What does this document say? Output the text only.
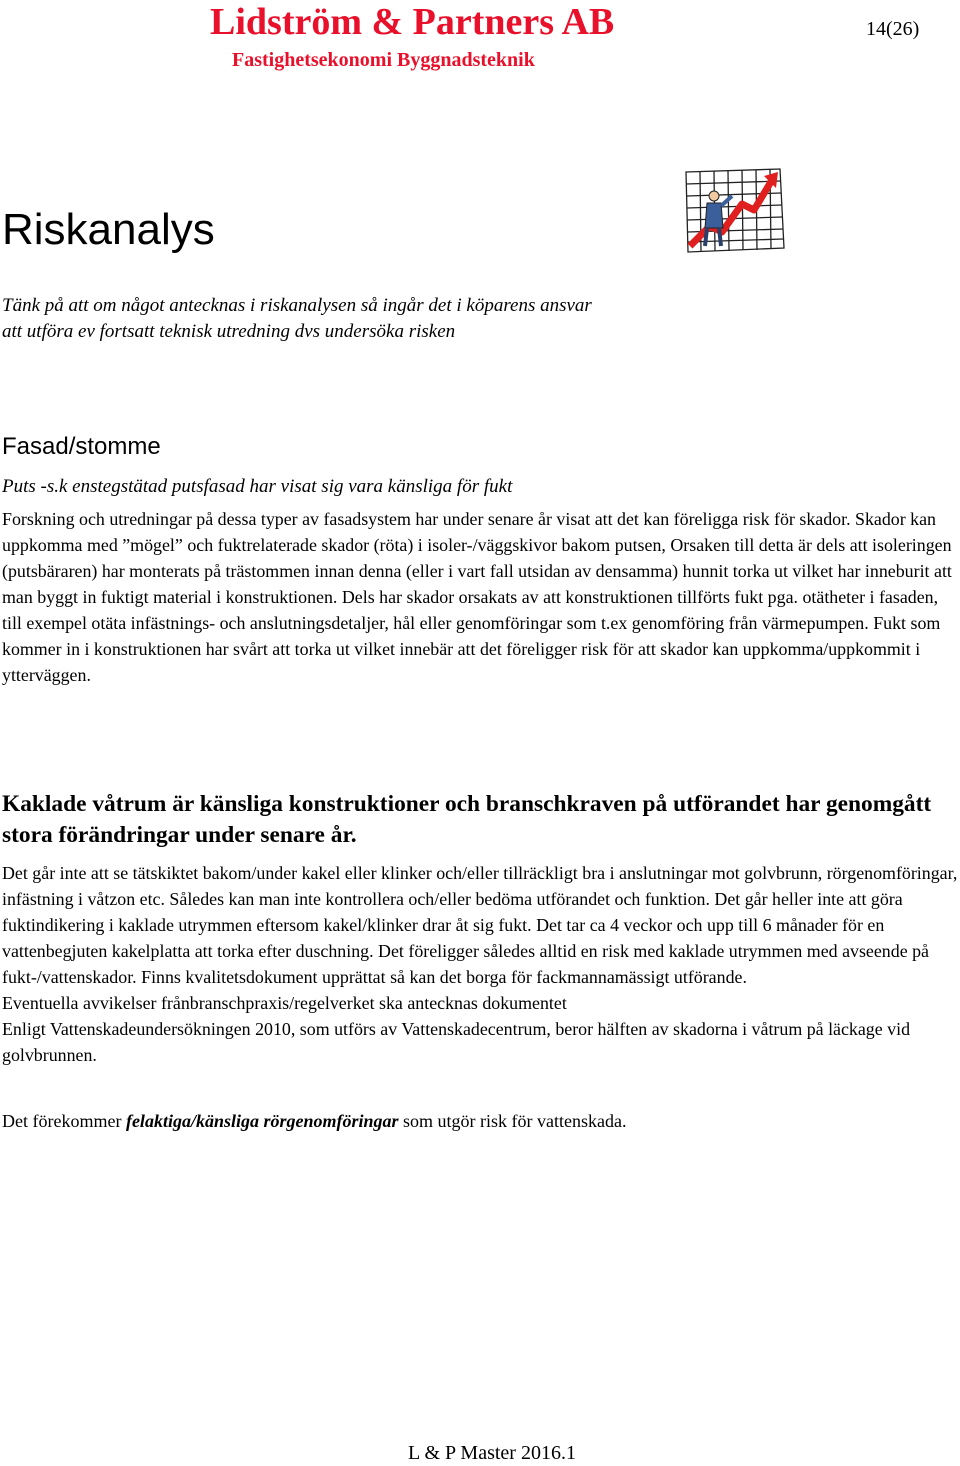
Lidström & Partners AB
Fastighetsekonomi Byggnadsteknik
14(26)
Riskanalys

Tänk på att om något antecknas i riskanalysen så ingår det i köparens ansvar att utföra ev fortsatt teknisk utredning dvs undersöka risken

Fasad/stomme

Puts -s.k enstegstätad putsfasad har visat sig vara känsliga för fukt

Forskning och utredningar på dessa typer av fasadsystem har under senare år visat att det kan föreligga risk för skador. Skador kan uppkomma med ”mögel” och fuktrelaterade skador (röta) i isoler-/väggskivor bakom putsen, Orsaken till detta är dels att isoleringen (putsbäraren) har monterats på trästommen innan denna (eller i vart fall utsidan av densamma) hunnit torka ut vilket har inneburit att man byggt in fuktigt material i konstruktionen. Dels har skador orsakats av att konstruktionen tillförts fukt pga. otätheter i fasaden, till exempel otäta infästnings- och anslutningsdetaljer, hål eller genomföringar som t.ex genomföring från värmepumpen. Fukt som kommer in i konstruktionen har svårt att torka ut vilket innebär att det föreligger risk för att skador kan uppkomma/uppkommit i ytterväggen.

Kaklade våtrum är känsliga konstruktioner och branschkraven på utförandet har genomgått stora förändringar under senare år.

Det går inte att se tätskiktet bakom/under kakel eller klinker och/eller tillräckligt bra i anslutningar mot golvbrunn, rörgenomföringar, infästning i våtzon etc. Således kan man inte kontrollera och/eller bedöma utförandet och funktion. Det går heller inte att göra fuktindikering i kaklade utrymmen eftersom kakel/klinker drar åt sig fukt. Det tar ca 4 veckor och upp till 6 månader för en vattenbegjuten kakelplatta att torka efter duschning. Det föreligger således alltid en risk med kaklade utrymmen med avseende på fukt-/vattenskador. Finns kvalitetsdokument upprättat så kan det borga för fackmannamässigt utförande.

Eventuella avvikelser frånbranschpraxis/regelverket ska antecknas dokumentet

Enligt Vattenskadeundersökningen 2010, som utförs av Vattenskadecentrum, beror hälften av skadorna i våtrum på läckage vid golvbrunnen.

Det förekommer felaktiga/känsliga rörgenomföringar som utgör risk för vattenskada.

L & P Master 2016.1
